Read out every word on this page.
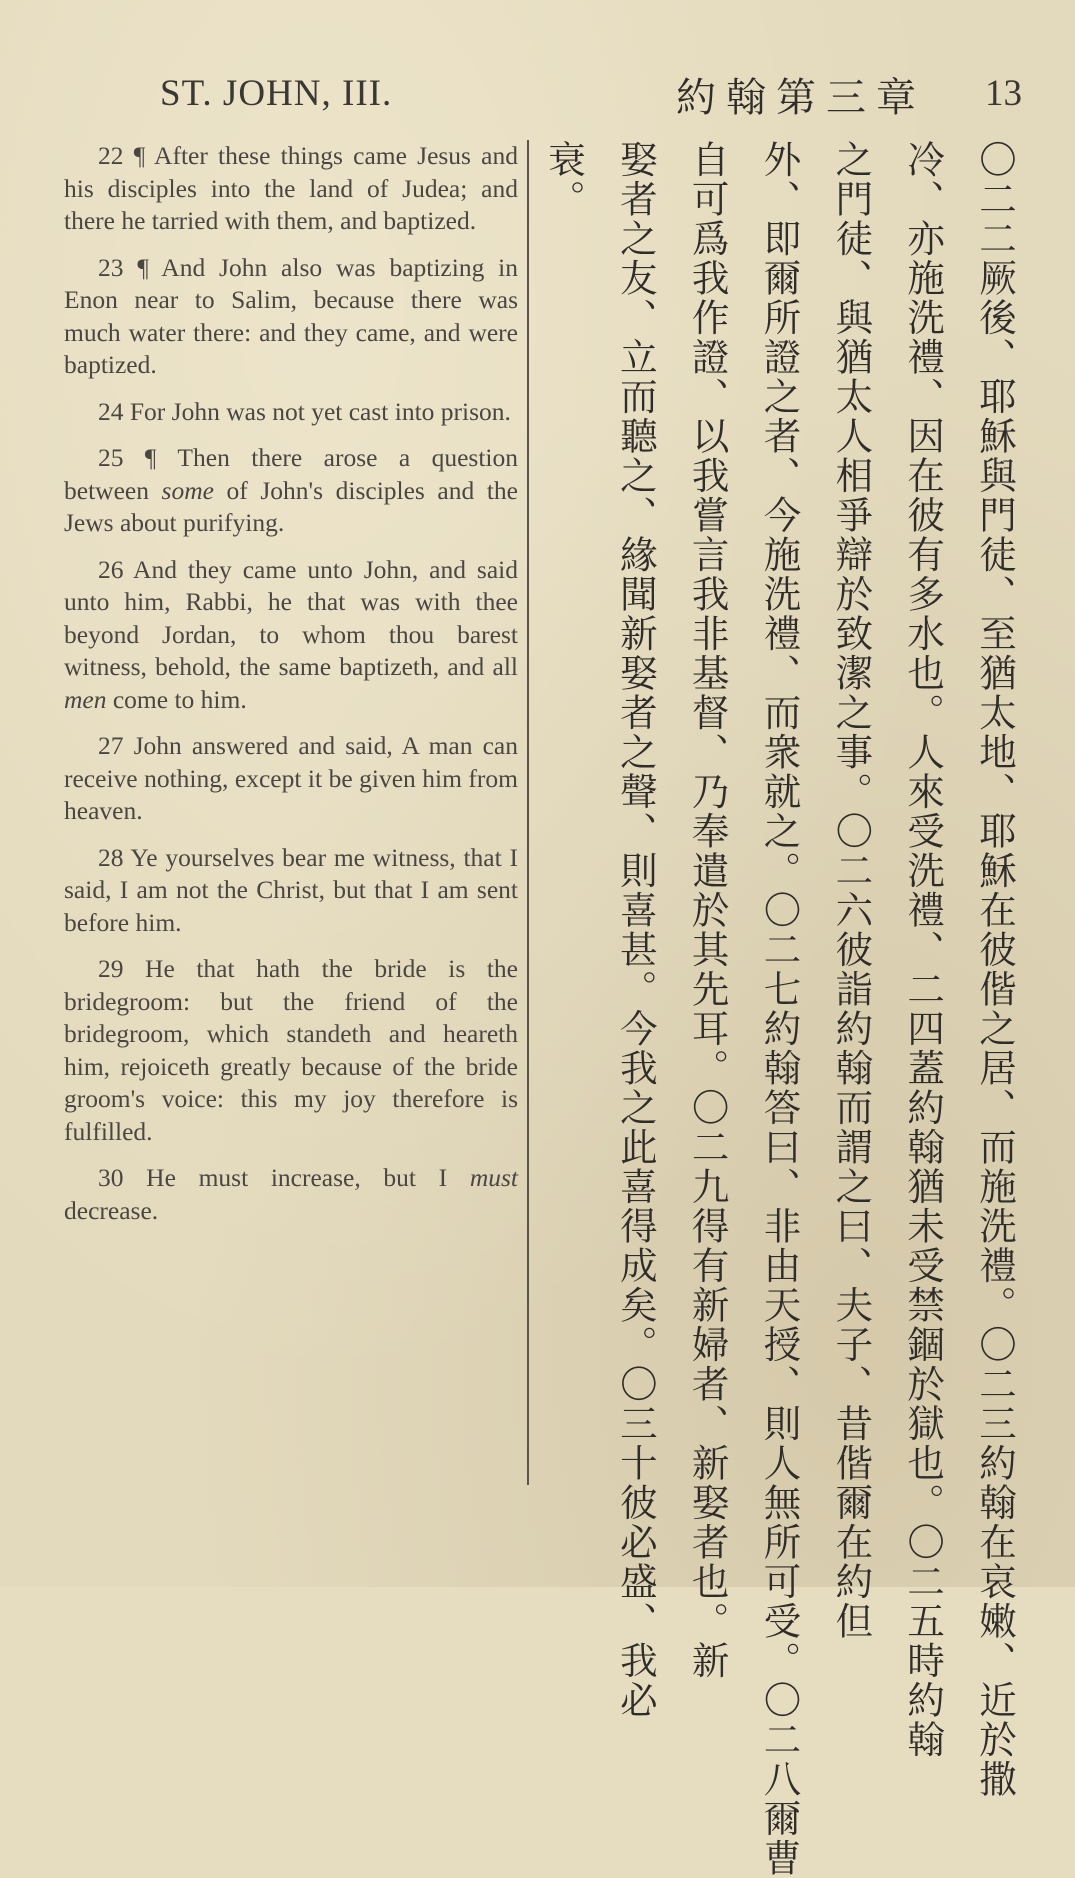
ST. JOHN, III.	約翰第三章 13

22 ¶ After these things came Jesus and his disciples into the land of Judea; and there he tarried with them, and baptized.

23 ¶ And John also was baptizing in Enon near to Salim, because there was much water there: and they came, and were baptized.

24 For John was not yet cast into prison.

25 ¶ Then there arose a question between some of John's disciples and the Jews about purifying.

26 And they came unto John, and said unto him, Rabbi, he that was with thee beyond Jordan, to whom thou barest witness, behold, the same baptizeth, and all men come to him.

27 John answered and said, A man can receive nothing, except it be given him from heaven.

28 Ye yourselves bear me witness, that I said, I am not the Christ, but that I am sent before him.

29 He that hath the bride is the bridegroom: but the friend of the bridegroom, which standeth and heareth him, rejoiceth greatly because of the bride groom's voice: this my joy therefore is fulfilled.

30 He must increase, but I must decrease.	〇二二厥後、耶穌與門徒、至猶太地、耶穌在彼偕之居、而施洗禮。〇二三約翰在哀嫩、近於撒
冷、亦施洗禮、因在彼有多水也。人來受洗禮、二四蓋約翰猶未受禁錮於獄也。〇二五時約翰
之門徒、與猶太人相爭辯於致潔之事。〇二六彼詣約翰而謂之曰、夫子、昔偕爾在約但
外、即爾所證之者、今施洗禮、而衆就之。〇二七約翰答曰、非由天授、則人無所可受。〇二八爾曹
自可爲我作證、以我嘗言我非基督、乃奉遣於其先耳。〇二九得有新婦者、新娶者也。新
娶者之友、立而聽之、緣聞新娶者之聲、則喜甚。今我之此喜得成矣。〇三十彼必盛、我必
衰。
